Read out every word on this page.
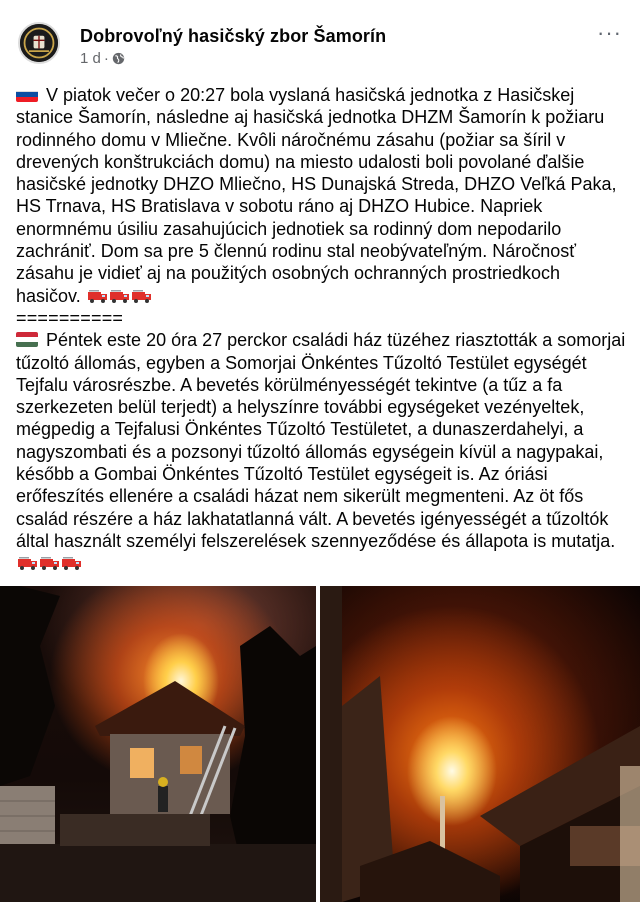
Dobrovoľný hasičský zbor Šamorín
1 d ·
···
V piatok večer o 20:27 bola vyslaná hasičská jednotka z Hasičskej stanice Šamorín, následne aj hasičská jednotka DHZM Šamorín k požiaru rodinného domu v Mliečne. Kvôli náročnému zásahu (požiar sa šíril v drevených konštrukciách domu) na miesto udalosti boli povolané ďalšie hasičské jednotky DHZO Mliečno, HS Dunajská Streda, DHZO Veľká Paka, HS Trnava, HS Bratislava v sobotu ráno aj DHZO Hubice. Napriek enormnému úsiliu zasahujúcich jednotiek sa rodinný dom nepodarilo zachrániť. Dom sa pre 5 člennú rodinu stal neobývateľným. Náročnosť zásahu je vidieť aj na použitých osobných ochranných prostriedkoch hasičov.
==========
Péntek este 20 óra 27 perckor családi ház tüzéhez riasztották a somorjai tűzoltó állomás, egyben a Somorjai Önkéntes Tűzoltó Testület egységét Tejfalu városrészbe. A bevetés körülményességét tekintve (a tűz a fa szerkezeten belül terjedt) a helyszínre további egységeket vezényeltek, mégpedig a Tejfalusi Önkéntes Tűzoltó Testületet, a dunaszerdahelyi, a nagyszombati és a pozsonyi tűzoltó állomás egységein kívül a nagypakai, később a Gombai Önkéntes Tűzoltó Testület egységeit is. Az óriási erőfeszítés ellenére a családi házat nem sikerült megmenteni. Az öt fős család részére a ház lakhatatlanná vált. A bevetés igényességét a tűzoltók által használt személyi felszerelések szennyeződése és állapota is mutatja.
